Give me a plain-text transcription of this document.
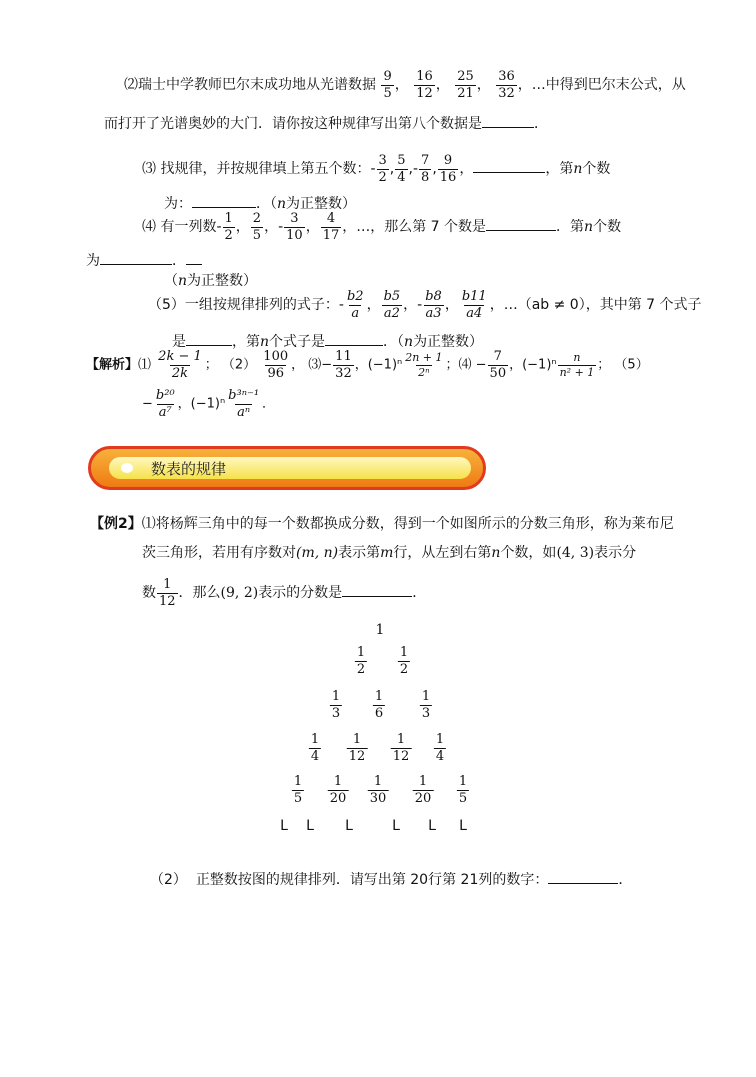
⑵瑞士中学教师巴尔末成功地从光谱数据 $\frac{9}{5}$ ， $\frac{16}{12}$ ， $\frac{25}{21}$ ， $\frac{36}{32}$ ，…中得到巴尔末公式，从
而打开了光谱奥妙的大门．请你按这种规律写出第八个数据是	．
⑶ 找规律，并按规律填上第五个数：- $\frac{3}{2}$ , $\frac{5}{4}$ ,- $\frac{7}{8}$ , $\frac{9}{16}$ ，	，第n个数
为：	．（n为正整数）
⑷ 有一列数- $\frac{1}{2}$ ， $\frac{2}{5}$ ，- $\frac{3}{10}$ ， $\frac{4}{17}$ ，…，那么第 7 个数是	．第n个数
为	．
（n为正整数）
（5）一组按规律排列的式子：- $\frac{b2}{a}$ ， $\frac{b5}{a2}$ ，- $\frac{b8}{a3}$ ， $\frac{b11}{a4}$ ，…（ab ≠ 0），其中第 7 个式子
是	，第n个式子是	．（n为正整数）
【解析】⑴ $\frac{2k - 1}{2k}$ ； $(2) \frac{100}{96}$ ， ⑶− $\frac{11}{32}$ ，$(-1)^n \frac{2n + 1}{\text{2ⁿ}}$ ；⑷ − $\frac{7}{50}$ ，$(-1)^n \frac{n}{\text{n² + 1}}$ ； （5）
− $\frac{\text{b²⁰}}{\text{a⁷}}$ ，$(-1)^n \frac{\text{b³ⁿ⁻¹}}{\text{aⁿ}}$ ．
数表的规律
【例2】⑴将杨辉三角中的每一个数都换成分数，得到一个如图所示的分数三角形，称为莱布尼
茨三角形，若用有序数对(m, n)表示第m行，从左到右第n个数，如(4, 3)表示分
数 $\frac{1}{12}$ ．那么(9, 2)表示的分数是	．
1
$\frac{1}{2} \frac{1}{2}$
$\frac{1}{3} \frac{1}{6}$	$\frac{1}{3}$
$\frac{1}{4} \frac{1}{12} \frac{1}{12} \frac{1}{4}$
$\frac{1}{5} \frac{1}{20} \frac{1}{30} \frac{1}{20} \frac{1}{5}$
L L L	L L L
（2） 正整数按图的规律排列．请写出第 20行第 21列的数字：	．
